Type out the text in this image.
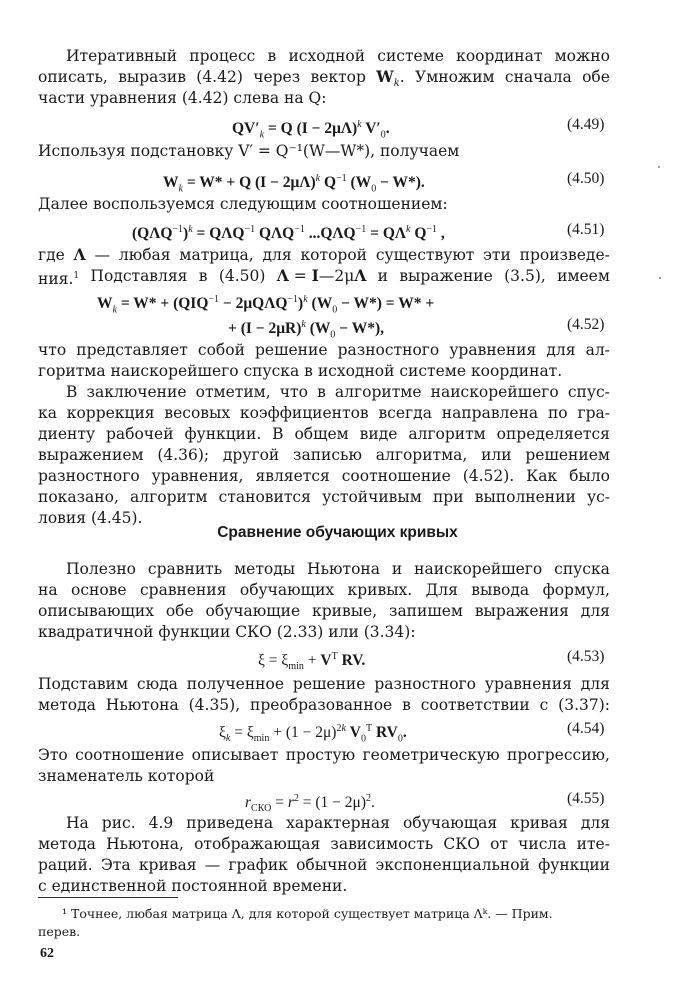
Итеративный процесс в исходной системе координат можно
описать, выразив (4.42) через вектор $W_k$. Умножим сначала обе
части уравнения (4.42) слева на Q:
$QV'_k = Q$ $(I - 2\mu\Lambda)^k$ $V'_0$.	(4.49)
Используя подстановку V′ = Q⁻¹(W—W*), получаем
$W_k = W* + Q$ $(I - 2\mu\Lambda)^k$ $Q^{-1}$ $(W_0 - W*)$.	(4.50)
Далее воспользуемся следующим соотношением:
$(Q\Lambda Q^{-1})^k = Q\Lambda Q^{-1}$ $Q\Lambda Q^{-1}$ $...Q\Lambda Q^{-1} = Q\Lambda^k$ $Q^{-1}$ ,	(4.51)
где Λ — любая матрица, для которой существуют эти произведе-
ния.$^1$ Подставляя в (4.50) Λ = I—2μΛ и выражение (3.5), имеем
$W_k = W* + (QIQ^{-1} - 2\mu Q\Lambda Q^{-1})^k$ $(W_0 - W*) = W*$ +
+ $(I - 2\mu R)^k$ $(W_0 - W*)$,	(4.52)
что представляет собой решение разностного уравнения для ал-
горитма наискорейшего спуска в исходной системе координат.
В заключение отметим, что в алгоритме наискорейшего спус-
ка коррекция весовых коэффициентов всегда направлена по гра-
диенту рабочей функции. В общем виде алгоритм определяется
выражением (4.36); другой записью алгоритма, или решением
разностного уравнения, является соотношение (4.52). Как было
показано, алгоритм становится устойчивым при выполнении ус-
ловия (4.45).
Сравнение обучающих кривых
Полезно сравнить методы Ньютона и наискорейшего спуска
на основе сравнения обучающих кривых. Для вывода формул,
описывающих обе обучающие кривые, запишем выражения для
квадратичной функции СКО (2.33) или (3.34):
$\xi = \xi_{min} + V^T$ RV.	(4.53)
Подставим сюда полученное решение разностного уравнения для
метода Ньютона (4.35), преобразованное в соответствии с (3.37):
$\xi_k = \xi_{min} + (1 - 2\mu)^{2k}$ $V_0^T$ $RV_0$.	(4.54)
Это соотношение описывает простую геометрическую прогрессию,
знаменатель которой
$r_{СКО} = r^2 = (1 - 2\mu)^2$.	(4.55)
На рис. 4.9 приведена характерная обучающая кривая для
метода Ньютона, отображающая зависимость СКО от числа ите-
раций. Эта кривая — график обычной экспоненциальной функции
с единственной постоянной времени.
¹ Точнее, любая матрица Λ, для которой существует матрица Λᵏ. — Прим.
перев.
62
